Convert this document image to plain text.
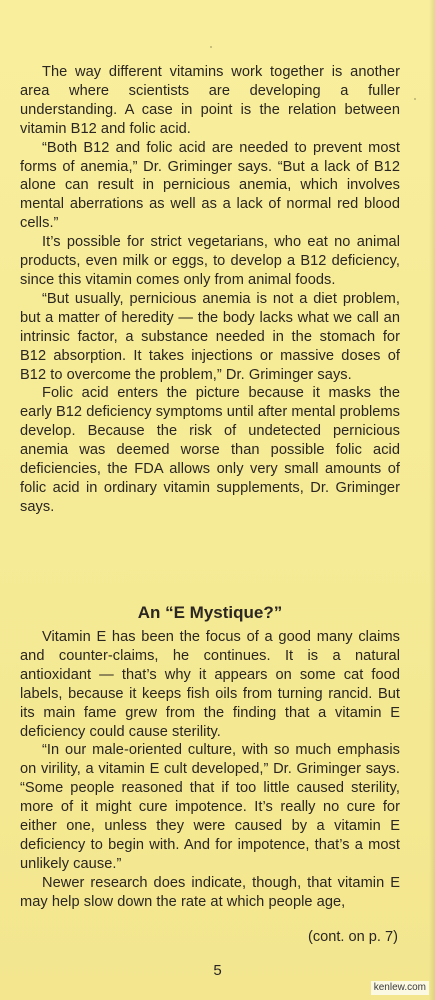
The way different vitamins work together is another area where scientists are developing a fuller understanding. A case in point is the relation between vitamin B12 and folic acid.

“Both B12 and folic acid are needed to prevent most forms of anemia,” Dr. Griminger says. “But a lack of B12 alone can result in pernicious anemia, which involves mental aberrations as well as a lack of normal red blood cells.”

It’s possible for strict vegetarians, who eat no animal products, even milk or eggs, to develop a B12 deficiency, since this vitamin comes only from animal foods.

“But usually, pernicious anemia is not a diet problem, but a matter of heredity — the body lacks what we call an intrinsic factor, a substance needed in the stomach for B12 absorption. It takes injections or massive doses of B12 to overcome the problem,” Dr. Griminger says.

Folic acid enters the picture because it masks the early B12 deficiency symptoms until after mental problems develop. Because the risk of undetected pernicious anemia was deemed worse than possible folic acid deficiencies, the FDA allows only very small amounts of folic acid in ordinary vitamin supplements, Dr. Griminger says.

An “E Mystique?”

Vitamin E has been the focus of a good many claims and counter-claims, he continues. It is a natural antioxidant — that’s why it appears on some cat food labels, because it keeps fish oils from turning rancid. But its main fame grew from the finding that a vitamin E deficiency could cause sterility.

“In our male-oriented culture, with so much emphasis on virility, a vitamin E cult developed,” Dr. Griminger says. “Some people reasoned that if too little caused sterility, more of it might cure impotence. It’s really no cure for either one, unless they were caused by a vitamin E deficiency to begin with. And for impotence, that’s a most unlikely cause.”

Newer research does indicate, though, that vitamin E may help slow down the rate at which people age,

(cont. on p. 7)
5
kenlew.com
